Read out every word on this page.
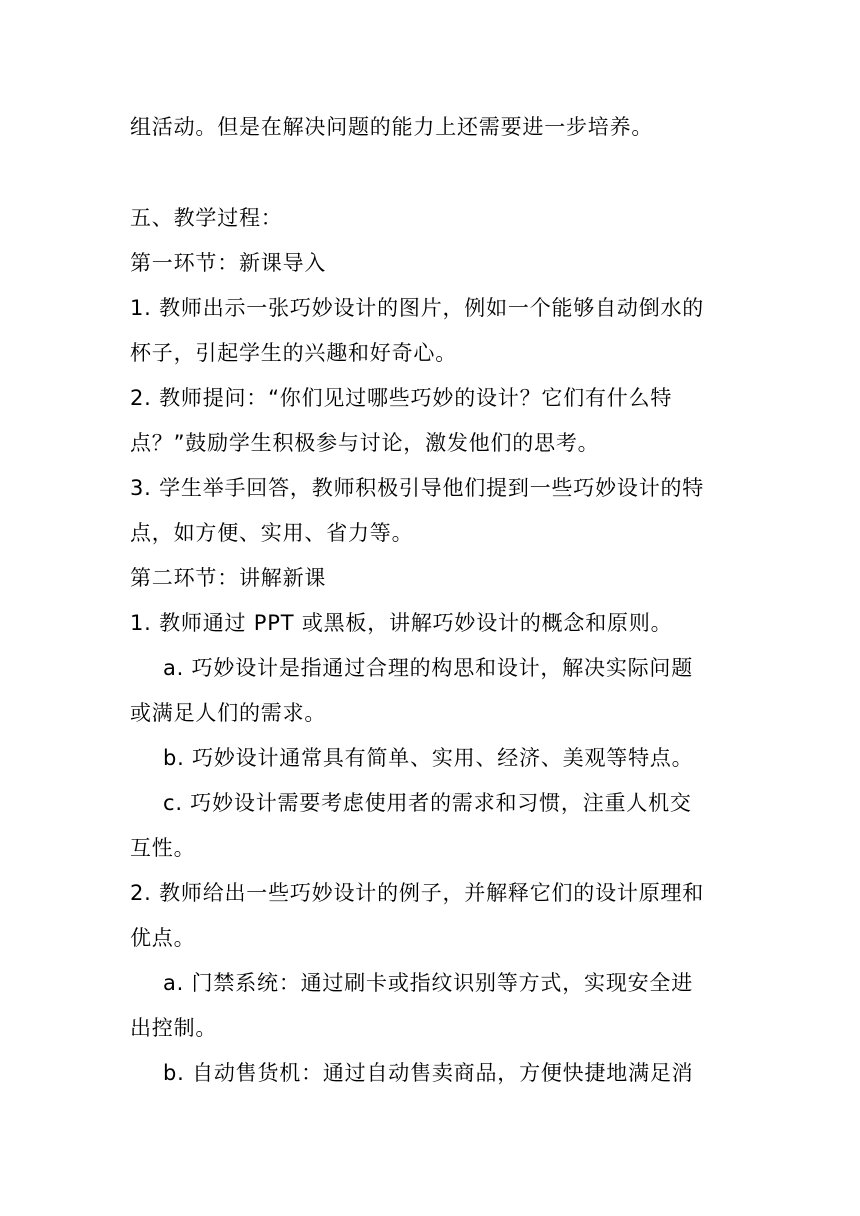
组活动。但是在解决问题的能力上还需要进一步培养。
五、教学过程：
第一环节：新课导入
1. 教师出示一张巧妙设计的图片，例如一个能够自动倒水的
杯子，引起学生的兴趣和好奇心。
2. 教师提问：“你们见过哪些巧妙的设计？它们有什么特
点？”鼓励学生积极参与讨论，激发他们的思考。
3. 学生举手回答，教师积极引导他们提到一些巧妙设计的特
点，如方便、实用、省力等。
第二环节：讲解新课
1. 教师通过 PPT 或黑板，讲解巧妙设计的概念和原则。
a. 巧妙设计是指通过合理的构思和设计，解决实际问题
或满足人们的需求。
b. 巧妙设计通常具有简单、实用、经济、美观等特点。
c. 巧妙设计需要考虑使用者的需求和习惯，注重人机交
互性。
2. 教师给出一些巧妙设计的例子，并解释它们的设计原理和
优点。
a. 门禁系统：通过刷卡或指纹识别等方式，实现安全进
出控制。
b. 自动售货机：通过自动售卖商品，方便快捷地满足消
